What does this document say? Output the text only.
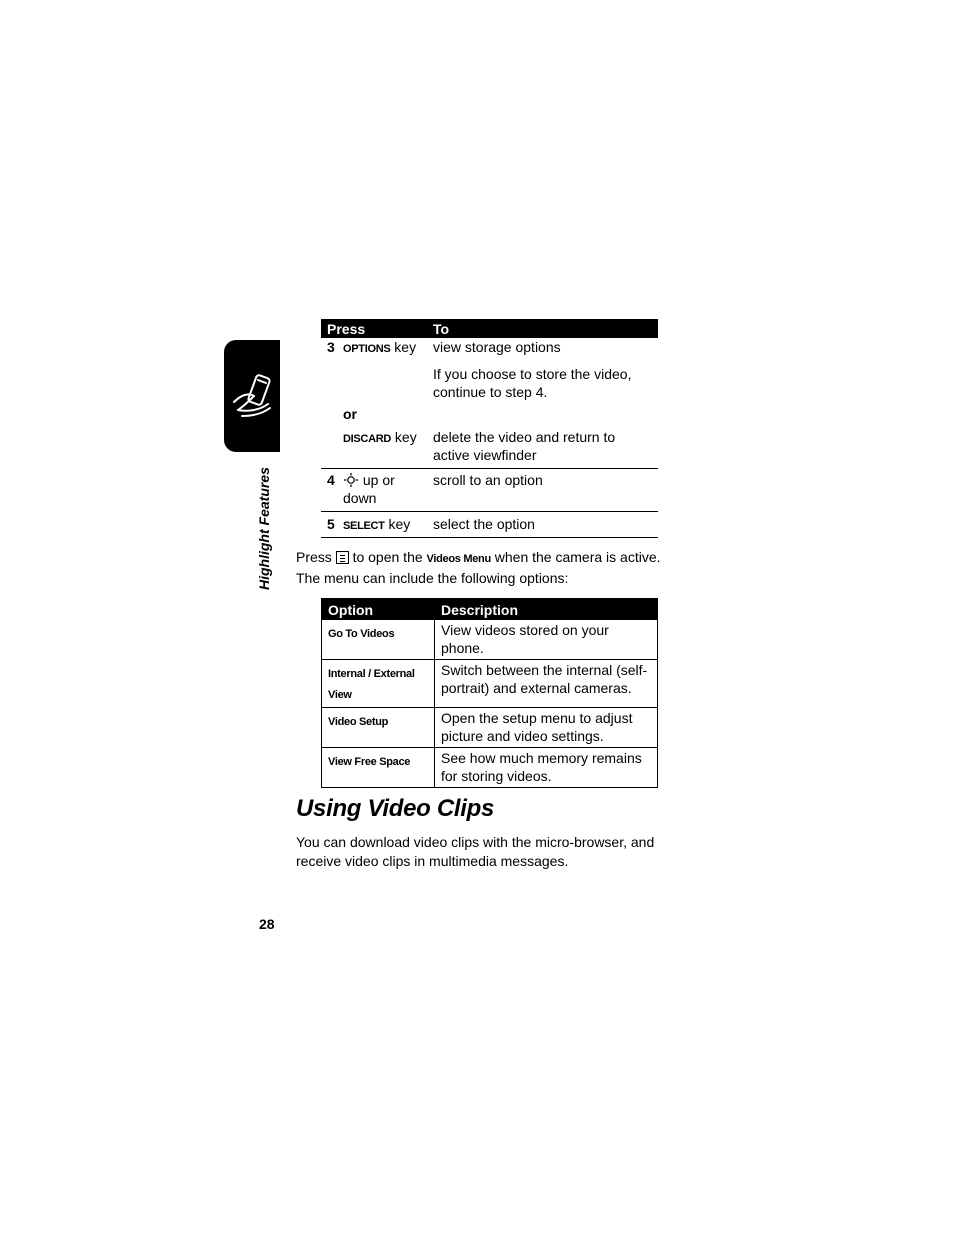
Highlight Features
Press		To
3	OPTIONS key	view storage options
		If you choose to store the video, continue to step 4.
	or	
	DISCARD key	delete the video and return to active viewfinder
4	up or down	scroll to an option
5	SELECT key	select the option
Press
to open the Videos Menu when the camera is active. The menu can include the following options:
Option	Description
Go To Videos	View videos stored on your phone.
Internal / External View	Switch between the internal (self-portrait) and external cameras.
Video Setup	Open the setup menu to adjust picture and video settings.
View Free Space	See how much memory remains for storing videos.
Using Video Clips

You can download video clips with the micro-browser, and receive video clips in multimedia messages.

28
